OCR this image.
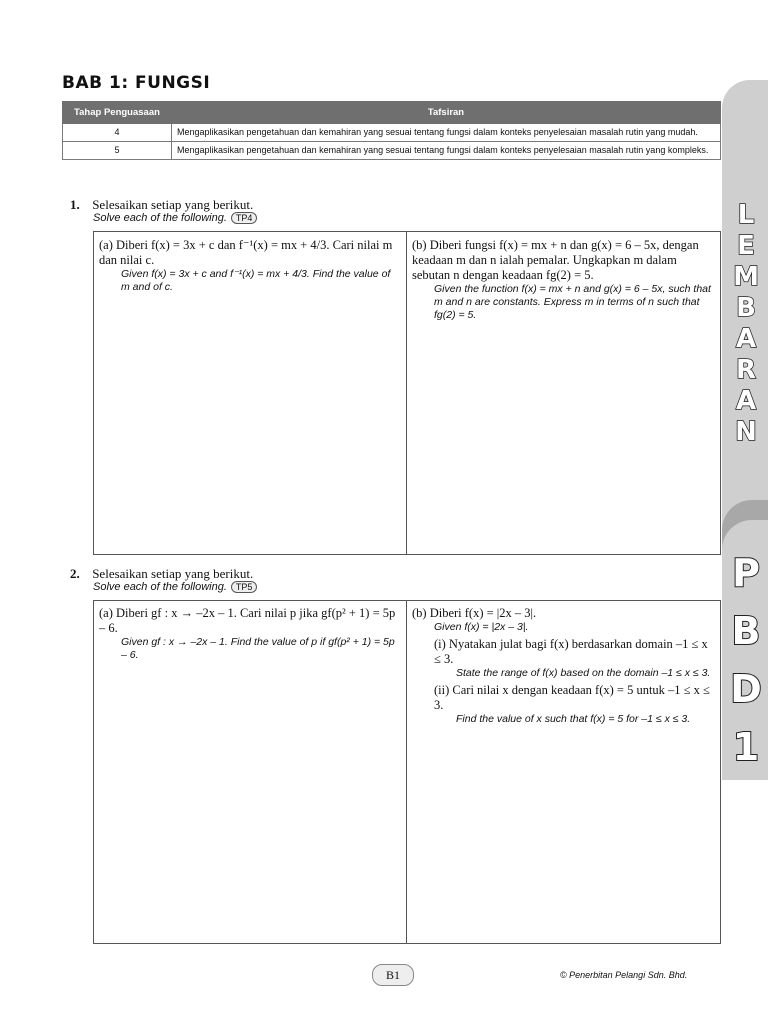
BAB 1: FUNGSI
Tahap Penguasaan	Tafsiran
4	Mengaplikasikan pengetahuan dan kemahiran yang sesuai tentang fungsi dalam konteks penyelesaian masalah rutin yang mudah.
5	Mengaplikasikan pengetahuan dan kemahiran yang sesuai tentang fungsi dalam konteks penyelesaian masalah rutin yang kompleks.
1. Selesaikan setiap yang berikut.
Solve each of the following. TP4
(a) Diberi f(x) = 3x + c dan f⁻¹(x) = mx + 4/3. Cari nilai m dan nilai c.
Given f(x) = 3x + c and f⁻¹(x) = mx + 4/3. Find the value of m and of c.
(b) Diberi fungsi f(x) = mx + n dan g(x) = 6 – 5x, dengan keadaan m dan n ialah pemalar. Ungkapkan m dalam sebutan n dengan keadaan fg(2) = 5.
Given the function f(x) = mx + n and g(x) = 6 – 5x, such that m and n are constants. Express m in terms of n such that fg(2) = 5.
2. Selesaikan setiap yang berikut.
Solve each of the following. TP5
(a) Diberi gf : x → –2x – 1. Cari nilai p jika gf(p² + 1) = 5p – 6.
Given gf : x → –2x – 1. Find the value of p if gf(p² + 1) = 5p – 6.
(b) Diberi f(x) = |2x – 3|.
Given f(x) = |2x – 3|.
(i) Nyatakan julat bagi f(x) berdasarkan domain –1 ≤ x ≤ 3.
State the range of f(x) based on the domain –1 ≤ x ≤ 3.
(ii) Cari nilai x dengan keadaan f(x) = 5 untuk –1 ≤ x ≤ 3.
Find the value of x such that f(x) = 5 for –1 ≤ x ≤ 3.
L
E
M
B
A
R
A
N
P
B
D
1
B1	© Penerbitan Pelangi Sdn. Bhd.
